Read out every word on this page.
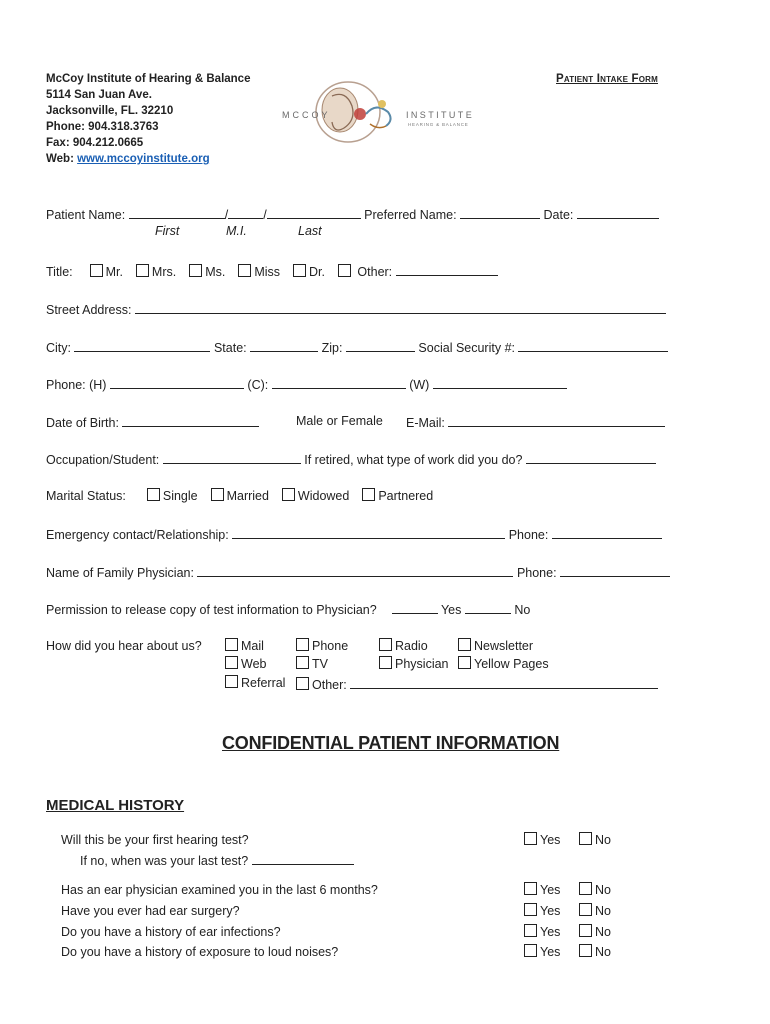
McCoy Institute of Hearing & Balance
5114 San Juan Ave.
Jacksonville, FL. 32210
Phone: 904.318.3763
Fax: 904.212.0665
Web: www.mccoyinstitute.org
Patient Intake Form
MCCOY	INSTITUTE
HEARING & BALANCE
Patient Name:	/	/	Preferred Name:	Date:
First	M.I.	Last
Title:	Mr. Mrs. Ms. Miss Dr.	Other:
Street Address:
City:	State:	Zip:	Social Security #:
Phone: (H)	(C):	(W)
Date of Birth:	Male or Female E-Mail:
Occupation/Student:	If retired, what type of work did you do?
Marital Status:	Single Married Widowed Partnered
Emergency contact/Relationship:	Phone:
Name of Family Physician:	Phone:
Permission to release copy of test information to Physician?	Yes	No
How did you hear about us?	Mail	Phone	Radio	Newsletter
Web	TV	Physician	Yellow Pages
Referral	Other:
CONFIDENTIAL PATIENT INFORMATION
MEDICAL HISTORY
Will this be your first hearing test?	Yes	No
If no, when was your last test?
Has an ear physician examined you in the last 6 months?	Yes	No
Have you ever had ear surgery?	Yes	No
Do you have a history of ear infections?	Yes	No
Do you have a history of exposure to loud noises?	Yes	No
